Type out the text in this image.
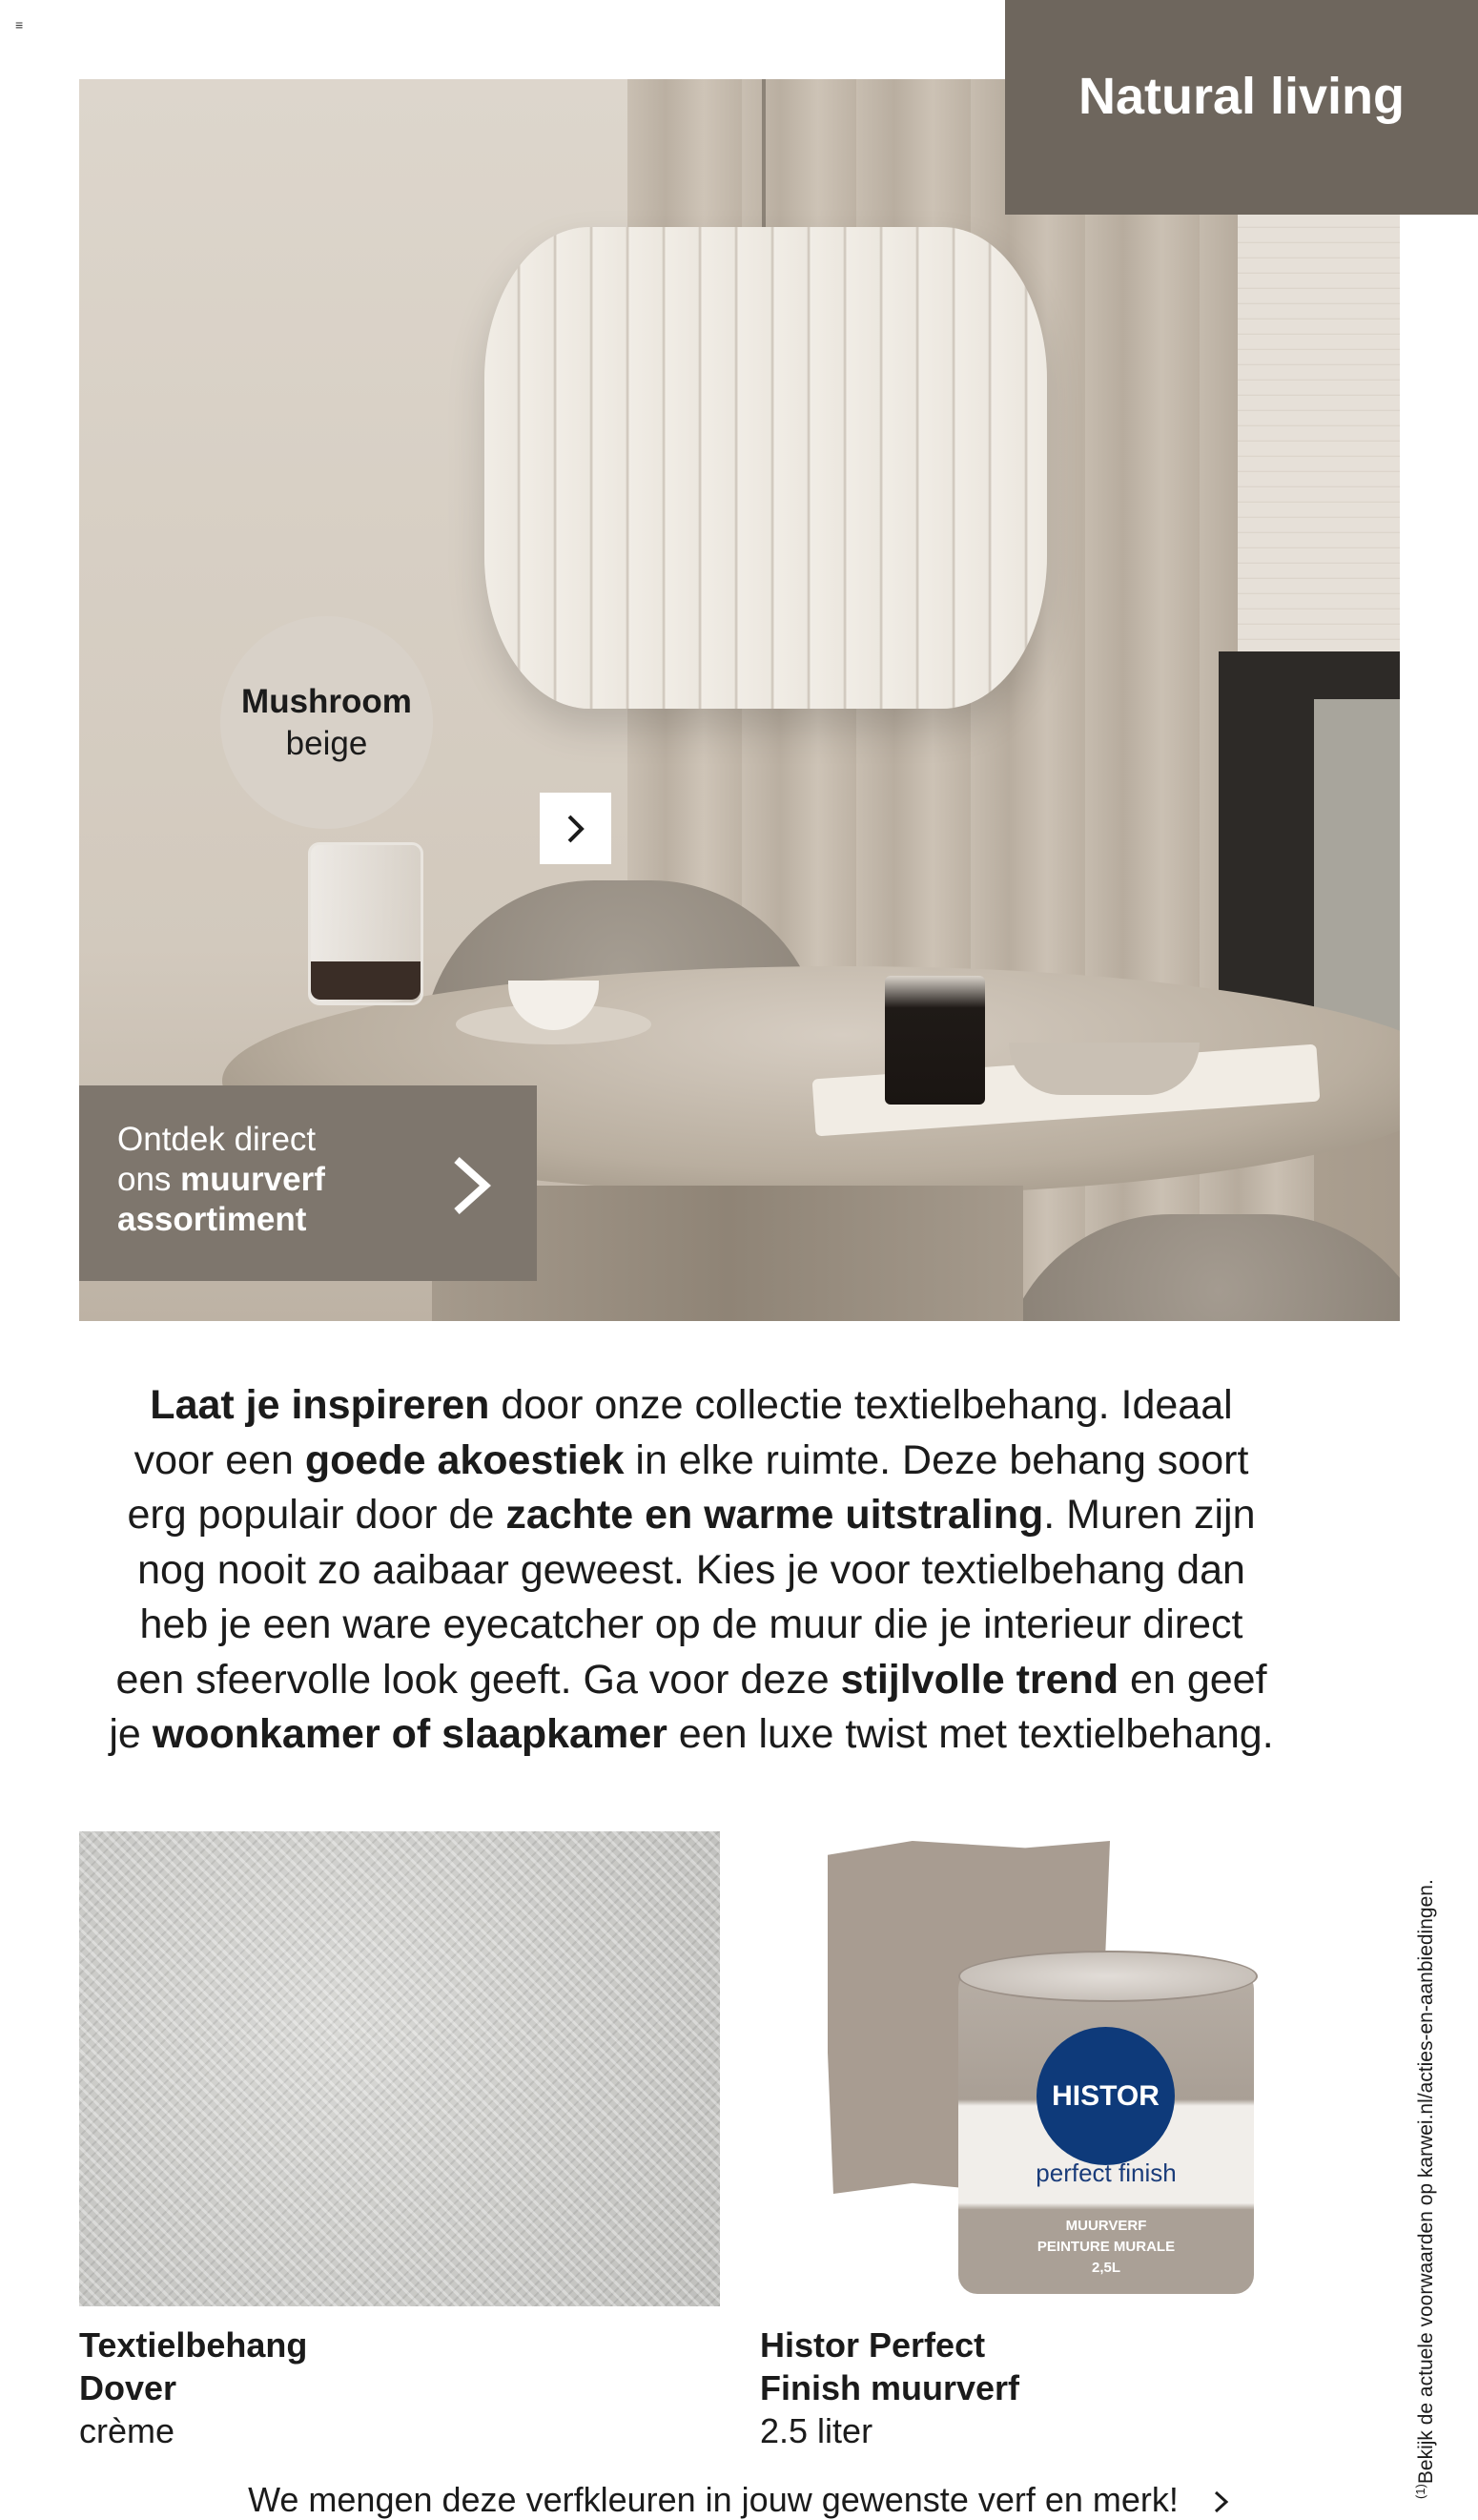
≡
Mushroom
beige
Ontdek direct
ons muurverf
assortiment
Natural living
Laat je inspireren door onze collectie textielbehang. Ideaal voor een goede akoestiek in elke ruimte. Deze behang soort erg populair door de zachte en warme uitstraling. Muren zijn nog nooit zo aaibaar geweest. Kies je voor textielbehang dan heb je een ware eyecatcher op de muur die je interieur direct een sfeervolle look geeft. Ga voor deze stijlvolle trend en geef je woonkamer of slaapkamer een luxe twist met textielbehang.
Textielbehang
Dover
crème
HISTOR
perfect finish
MUURVERF
PEINTURE MURALE
2,5L
Histor Perfect
Finish muurverf
2.5 liter
$^{(1)}$Bekijk de actuele voorwaarden op karwei.nl/acties-en-aanbiedingen.
We mengen deze verfkleuren in jouw gewenste verf en merk!
